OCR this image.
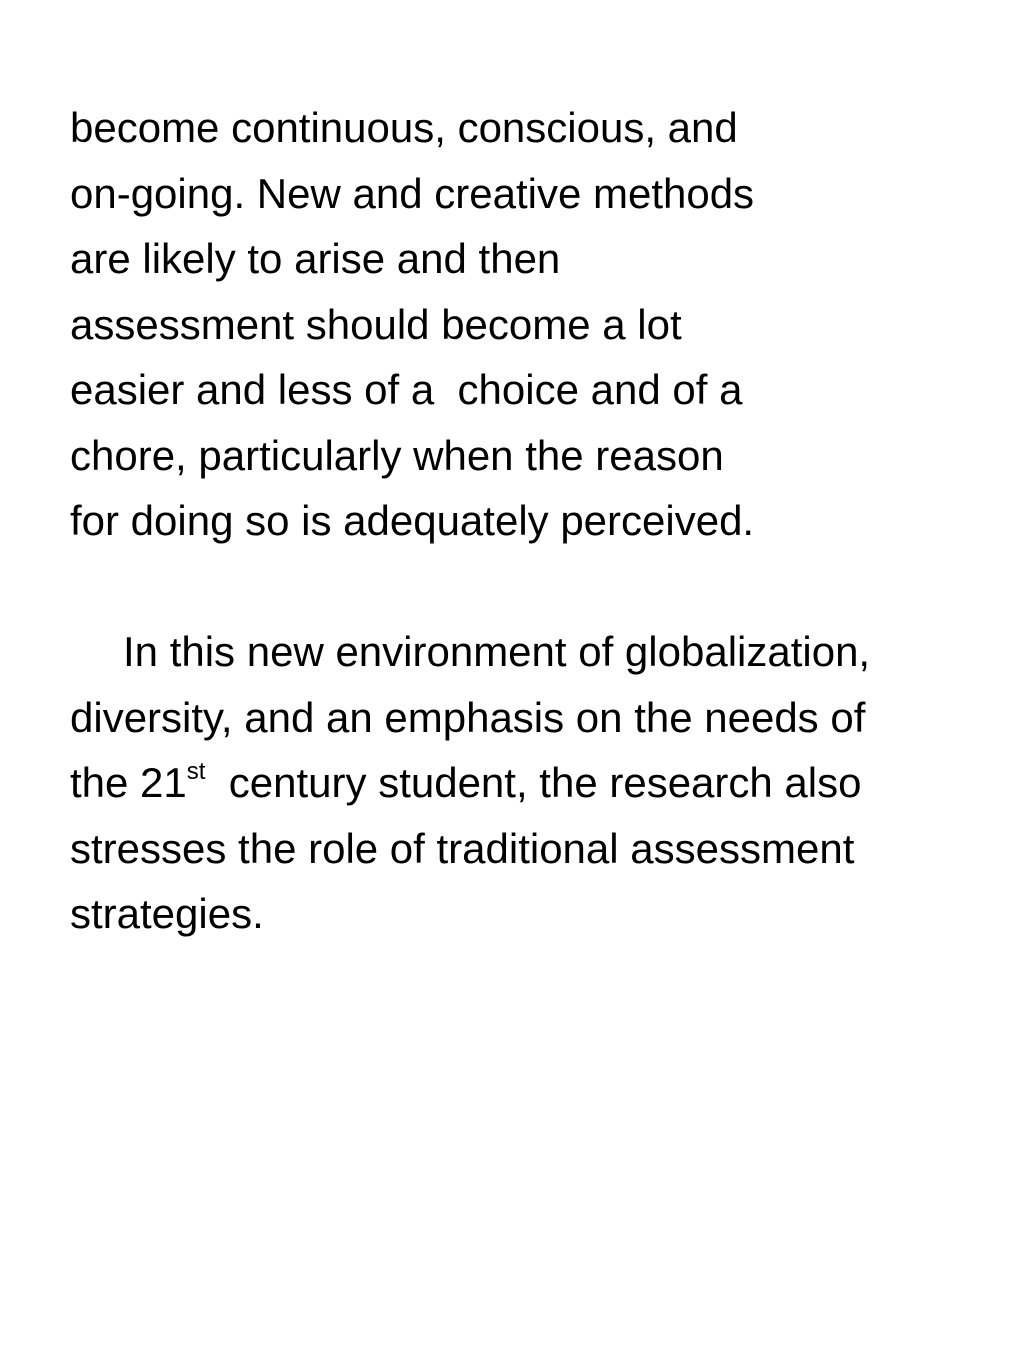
become continuous, conscious, and
on-going. New and creative methods
are likely to arise and then
assessment should become a lot
easier and less of a  choice and of a
chore, particularly when the reason
for doing so is adequately perceived.
In this new environment of globalization,
diversity, and an emphasis on the needs of
the 21st  century student, the research also
stresses the role of traditional assessment
strategies.
